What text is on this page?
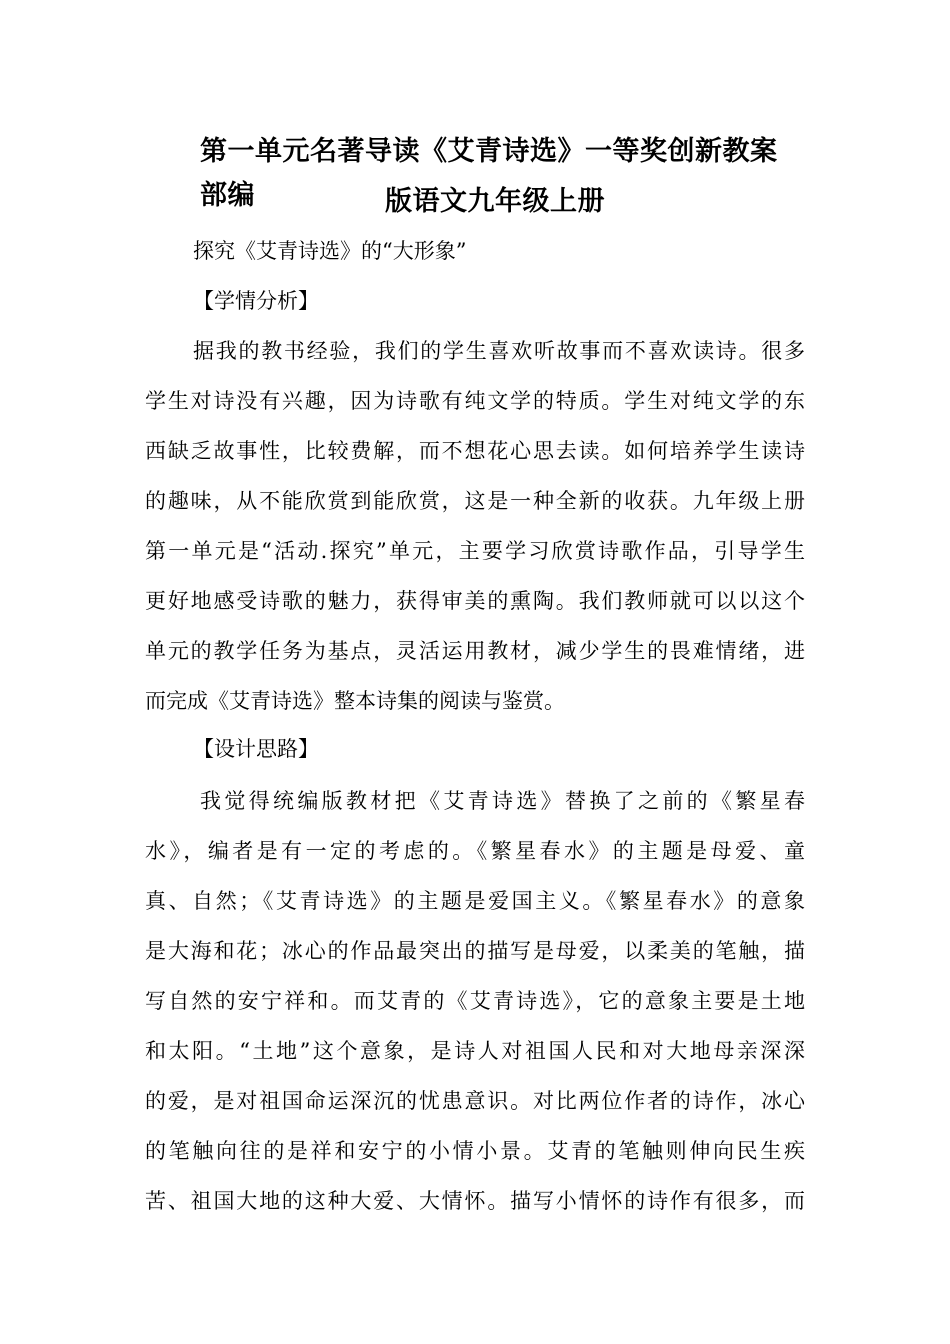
第一单元名著导读《艾青诗选》一等奖创新教案 部编	版语文九年级上册

探究《艾青诗选》的“大形象”

【学情分析】

据我的教书经验，我们的学生喜欢听故事而不喜欢读诗。很多

学生对诗没有兴趣，因为诗歌有纯文学的特质。学生对纯文学的东

西缺乏故事性，比较费解，而不想花心思去读。如何培养学生读诗

的趣味，从不能欣赏到能欣赏，这是一种全新的收获。九年级上册

第一单元是“活动.探究”单元，主要学习欣赏诗歌作品，引导学生

更好地感受诗歌的魅力，获得审美的熏陶。我们教师就可以以这个

单元的教学任务为基点，灵活运用教材，减少学生的畏难情绪，进

而完成《艾青诗选》整本诗集的阅读与鉴赏。

【设计思路】

我觉得统编版教材把《艾青诗选》替换了之前的《繁星春

水》，编者是有一定的考虑的。《繁星春水》的主题是母爱、童

真、自然；《艾青诗选》的主题是爱国主义。《繁星春水》的意象

是大海和花；冰心的作品最突出的描写是母爱，以柔美的笔触，描

写自然的安宁祥和。而艾青的《艾青诗选》，它的意象主要是土地

和太阳。“土地”这个意象，是诗人对祖国人民和对大地母亲深深

的爱，是对祖国命运深沉的忧患意识。对比两位作者的诗作，冰心

的笔触向往的是祥和安宁的小情小景。艾青的笔触则伸向民生疾

苦、祖国大地的这种大爱、大情怀。描写小情怀的诗作有很多，而
